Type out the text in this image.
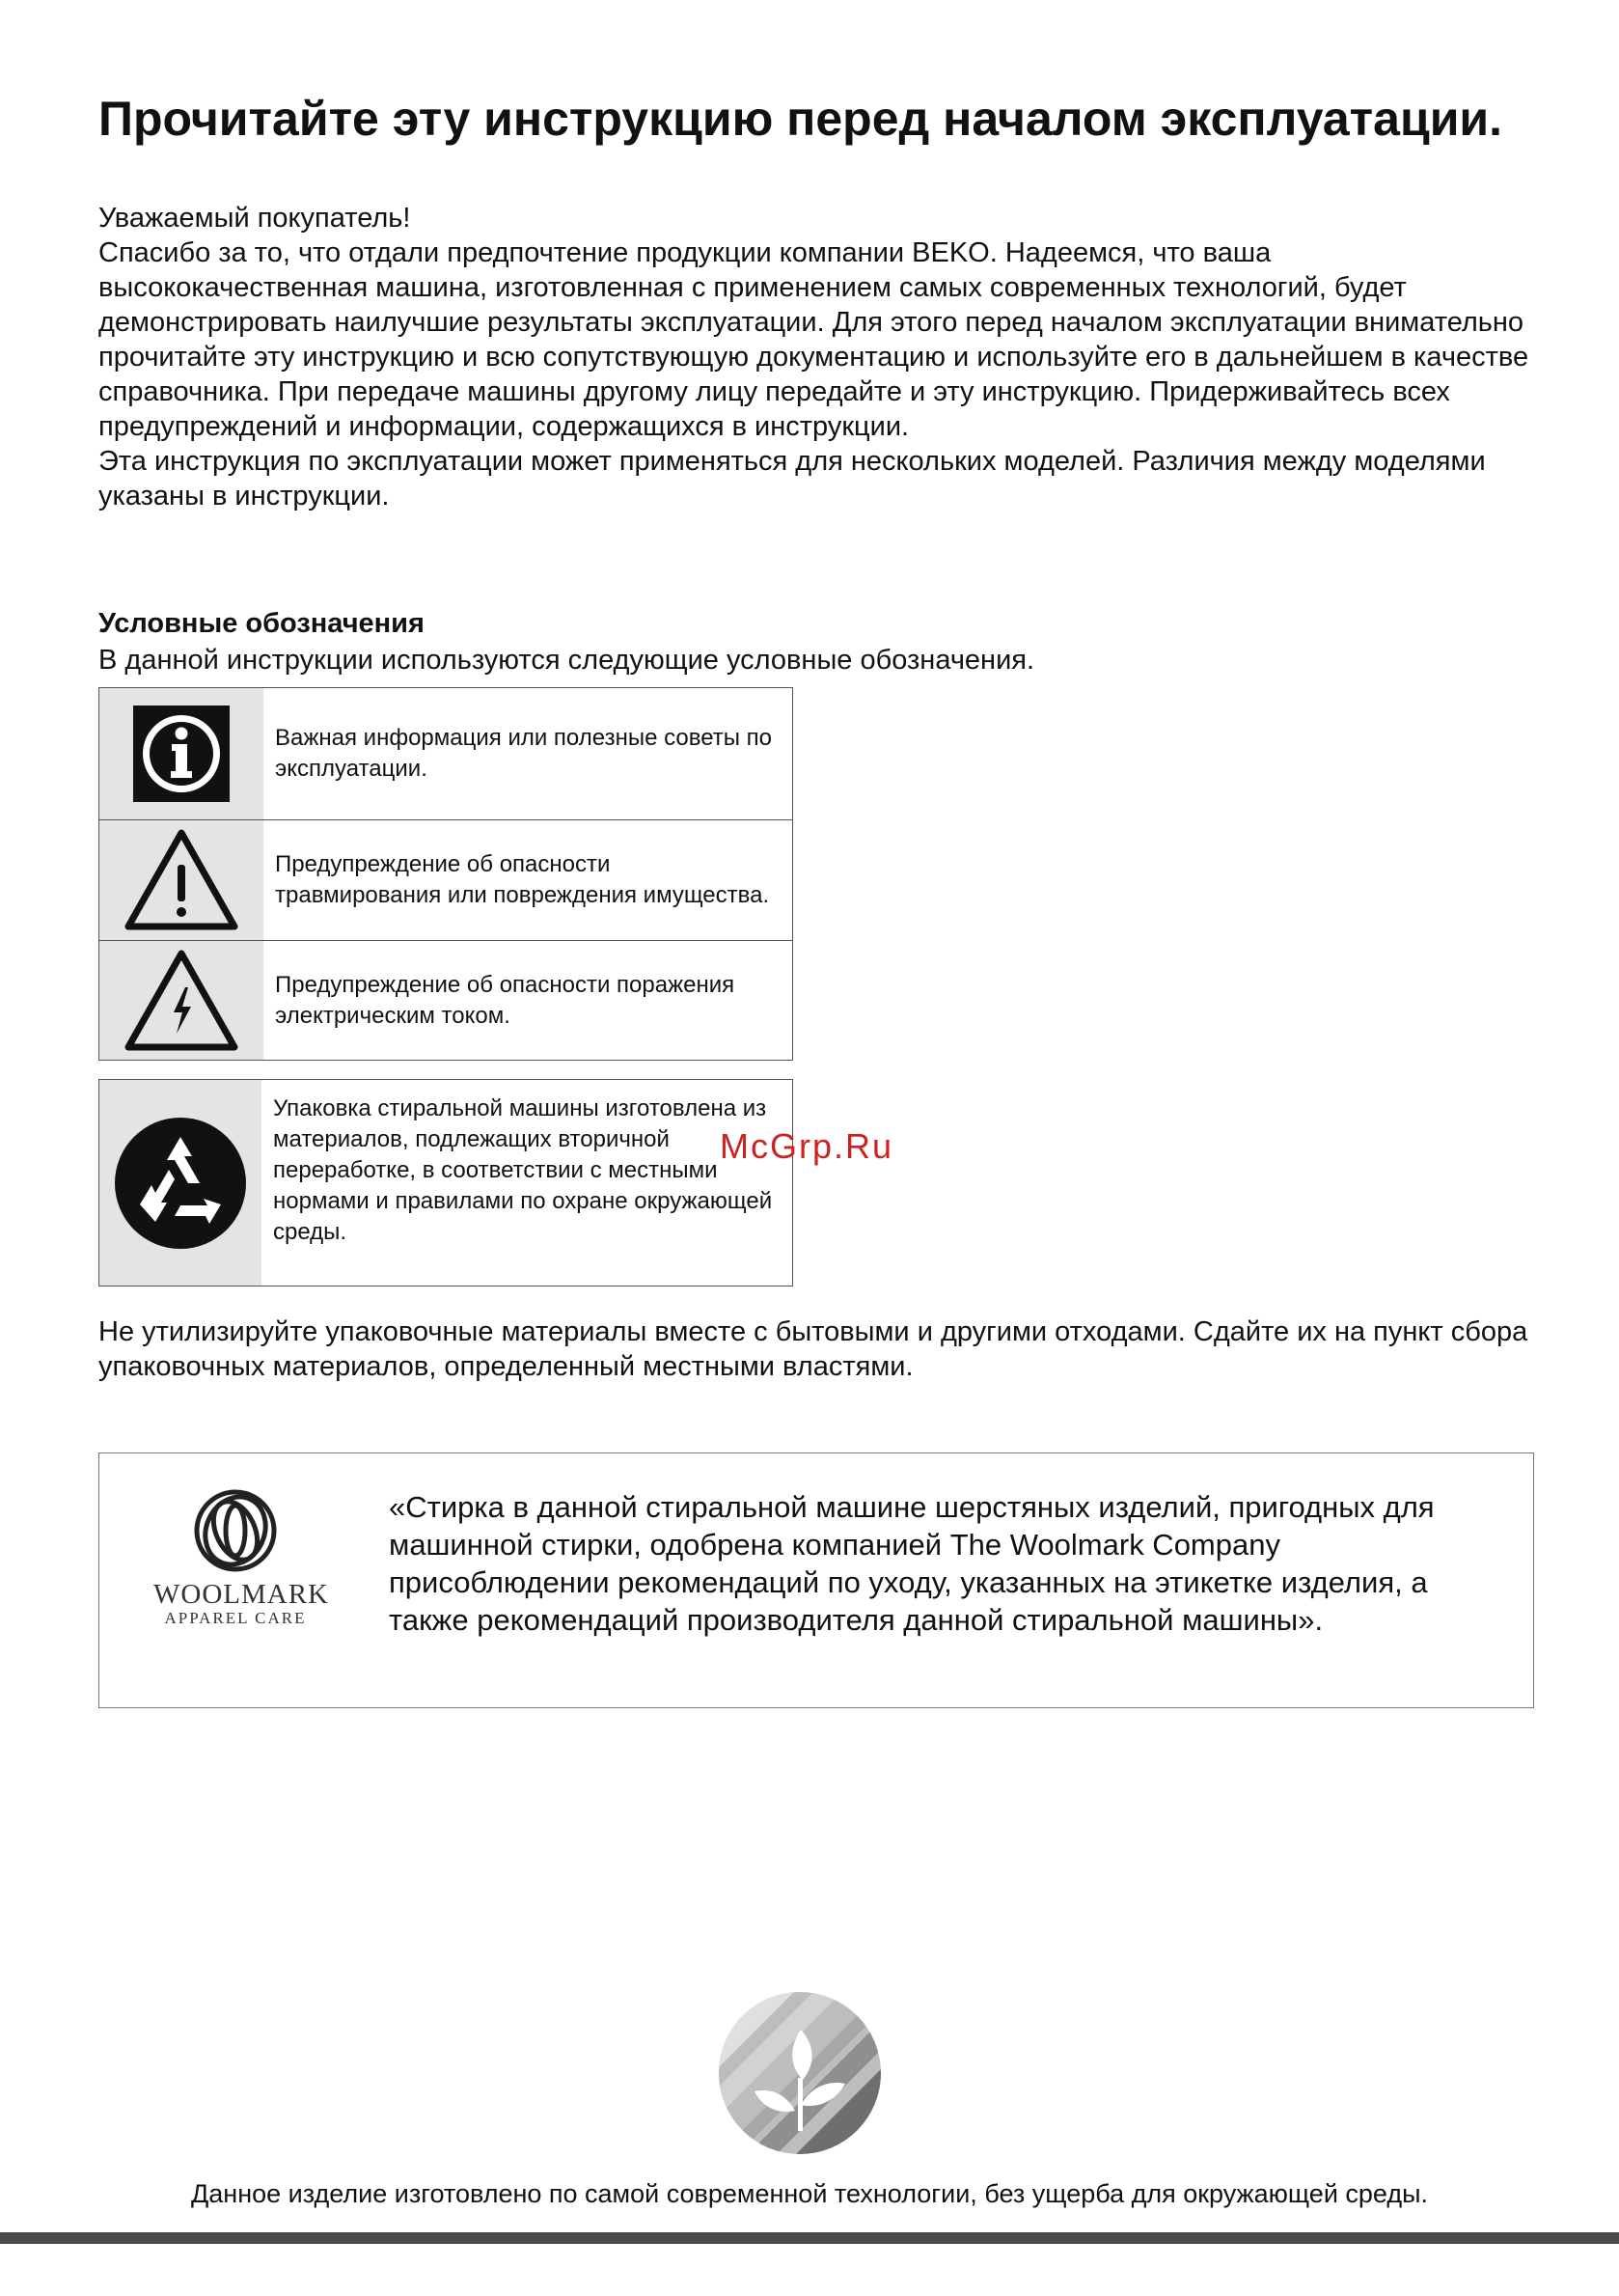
Прочитайте эту инструкцию перед началом эксплуатации.

Уважаемый покупатель!

Спасибо за то, что отдали предпочтение продукции компании BEKO. Надеемся, что ваша высококачественная машина, изготовленная с применением самых современных технологий, будет демонстрировать наилучшие результаты эксплуатации. Для этого перед началом эксплуатации внимательно прочитайте эту инструкцию и всю сопутствующую документацию и используйте его в дальнейшем в качестве справочника. При передаче машины другому лицу передайте и эту инструкцию. Придерживайтесь всех предупреждений и информации, содержащихся в инструкции.

Эта инструкция по эксплуатации может применяться для нескольких моделей. Различия между моделями указаны в инструкции.

Условные обозначения

В данной инструкции используются следующие условные обозначения.

Важная информация или полезные советы по эксплуатации.
Предупреждение об опасности травмирования или повреждения имущества.
Предупреждение об опасности поражения электрическим током.
Упаковка стиральной машины изготовлена из материалов, подлежащих вторичной переработке, в соответствии с местными нормами и правилами по охране окружающей среды.
McGrp.Ru

Не утилизируйте упаковочные материалы вместе с бытовыми и другими отходами. Сдайте их на пункт сбора упаковочных материалов, определенный местными властями.

WOOLMARK
APPAREL CARE

«Стирка в данной стиральной машине шерстяных изделий, пригодных для машинной стирки, одобрена компанией The Woolmark Company присоблюдении рекомендаций по уходу, указанных на этикетке изделия, а также рекомендаций производителя данной стиральной машины».

Данное изделие изготовлено по самой современной технологии, без ущерба для окружающей среды.
